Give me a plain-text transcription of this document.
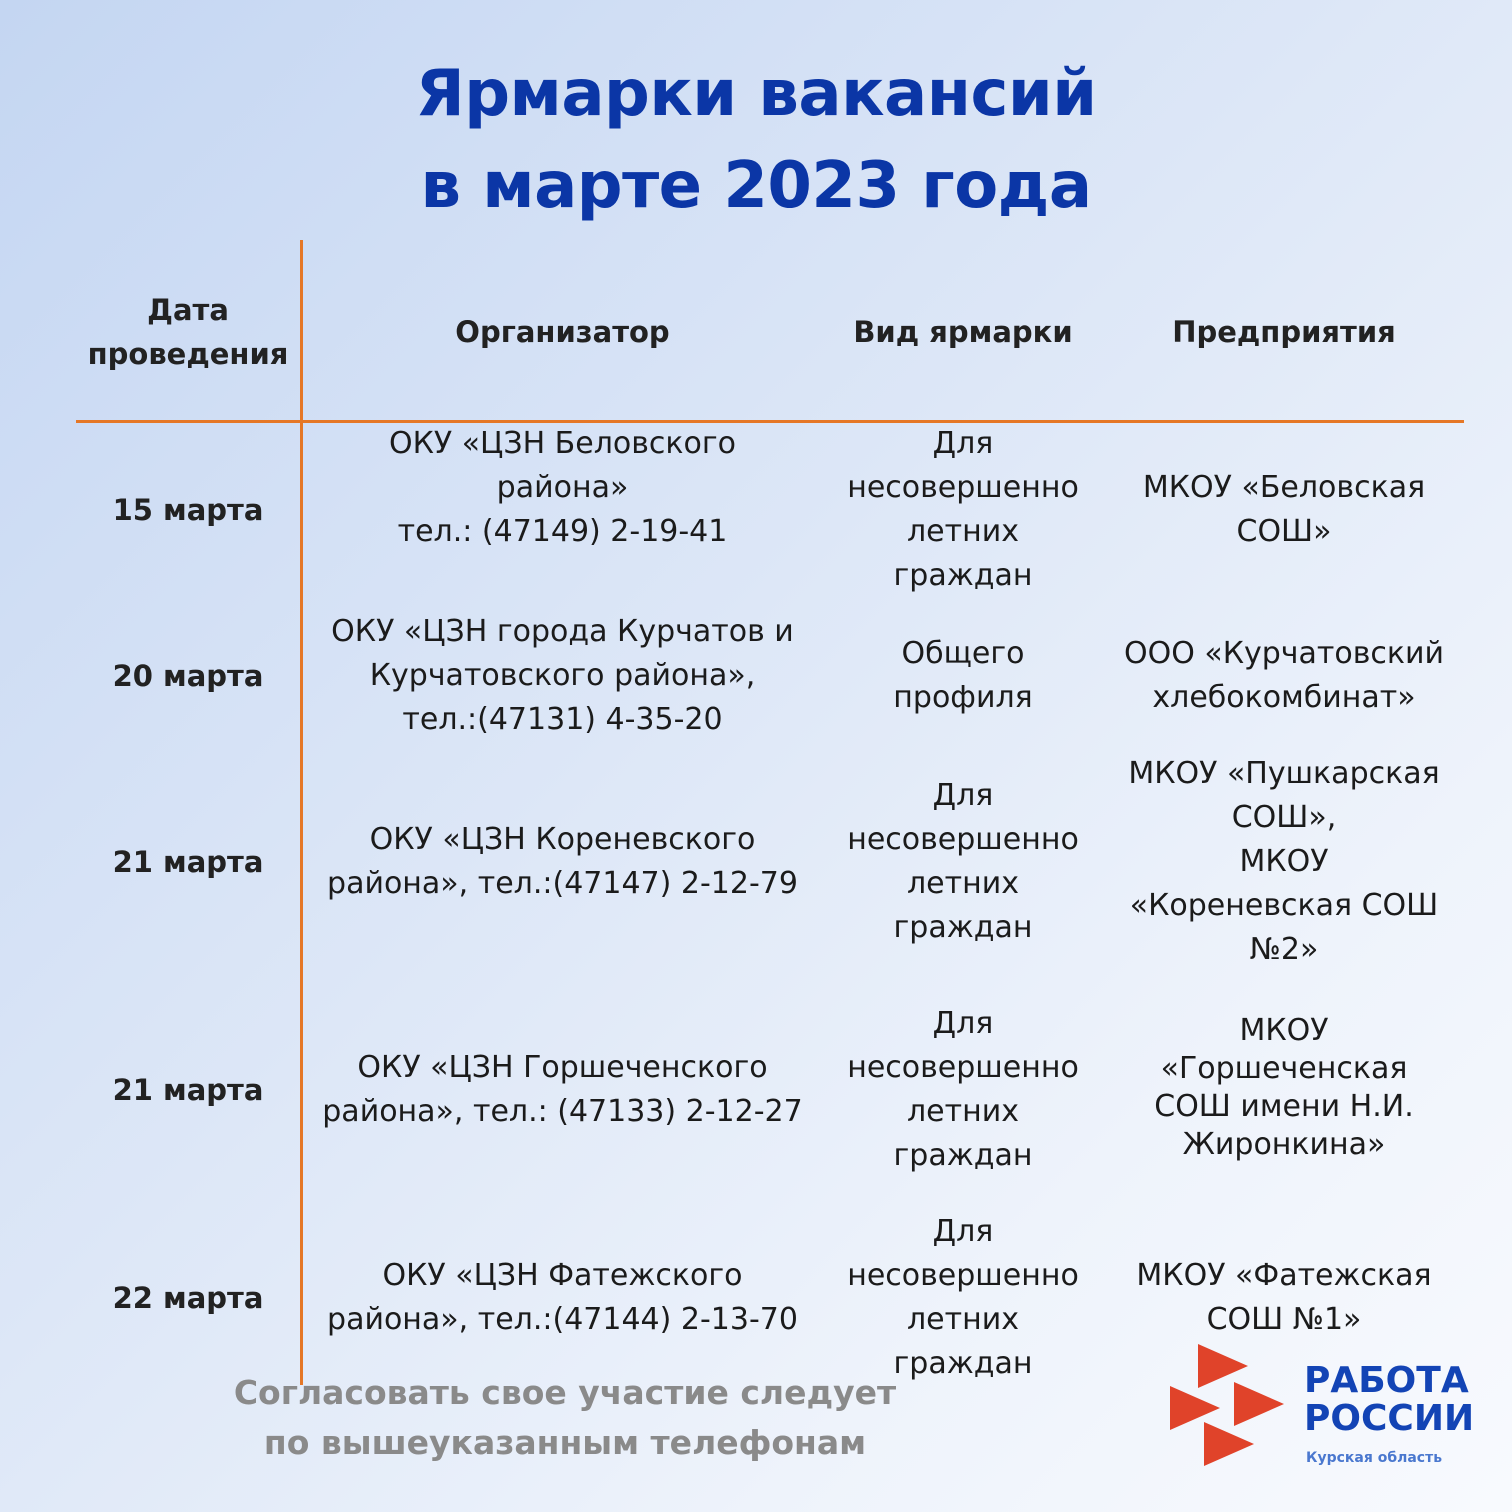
Ярмарки вакансий
в марте 2023 года
Дата
проведения
Организатор	Вид ярмарки	Предприятия
15 марта
ОКУ «ЦЗН Беловского
района»
тел.: (47149) 2-19-41
Для
несовершенно
летних
граждан
МКОУ «Беловская
СОШ»
20 марта
ОКУ «ЦЗН города Курчатов и
Курчатовского района»,
тел.:(47131) 4-35-20
Общего
профиля
ООО «Курчатовский
хлебокомбинат»
21 марта
ОКУ «ЦЗН Кореневского
района», тел.:(47147) 2-12-79
Для
несовершенно
летних
граждан
МКОУ «Пушкарская
СОШ»,
МКОУ
«Кореневская СОШ
№2»
21 марта
ОКУ «ЦЗН Горшеченского
района», тел.: (47133) 2-12-27
Для
несовершенно
летних
граждан
МКОУ
«Горшеченская
СОШ имени Н.И.
Жиронкина»
22 марта
ОКУ «ЦЗН Фатежского
района», тел.:(47144) 2-13-70
Для
несовершенно
летних
граждан
МКОУ «Фатежская
СОШ №1»
Согласовать свое участие следует
по вышеуказанным телефонам
РАБОТА
РОССИИ
Курская область
